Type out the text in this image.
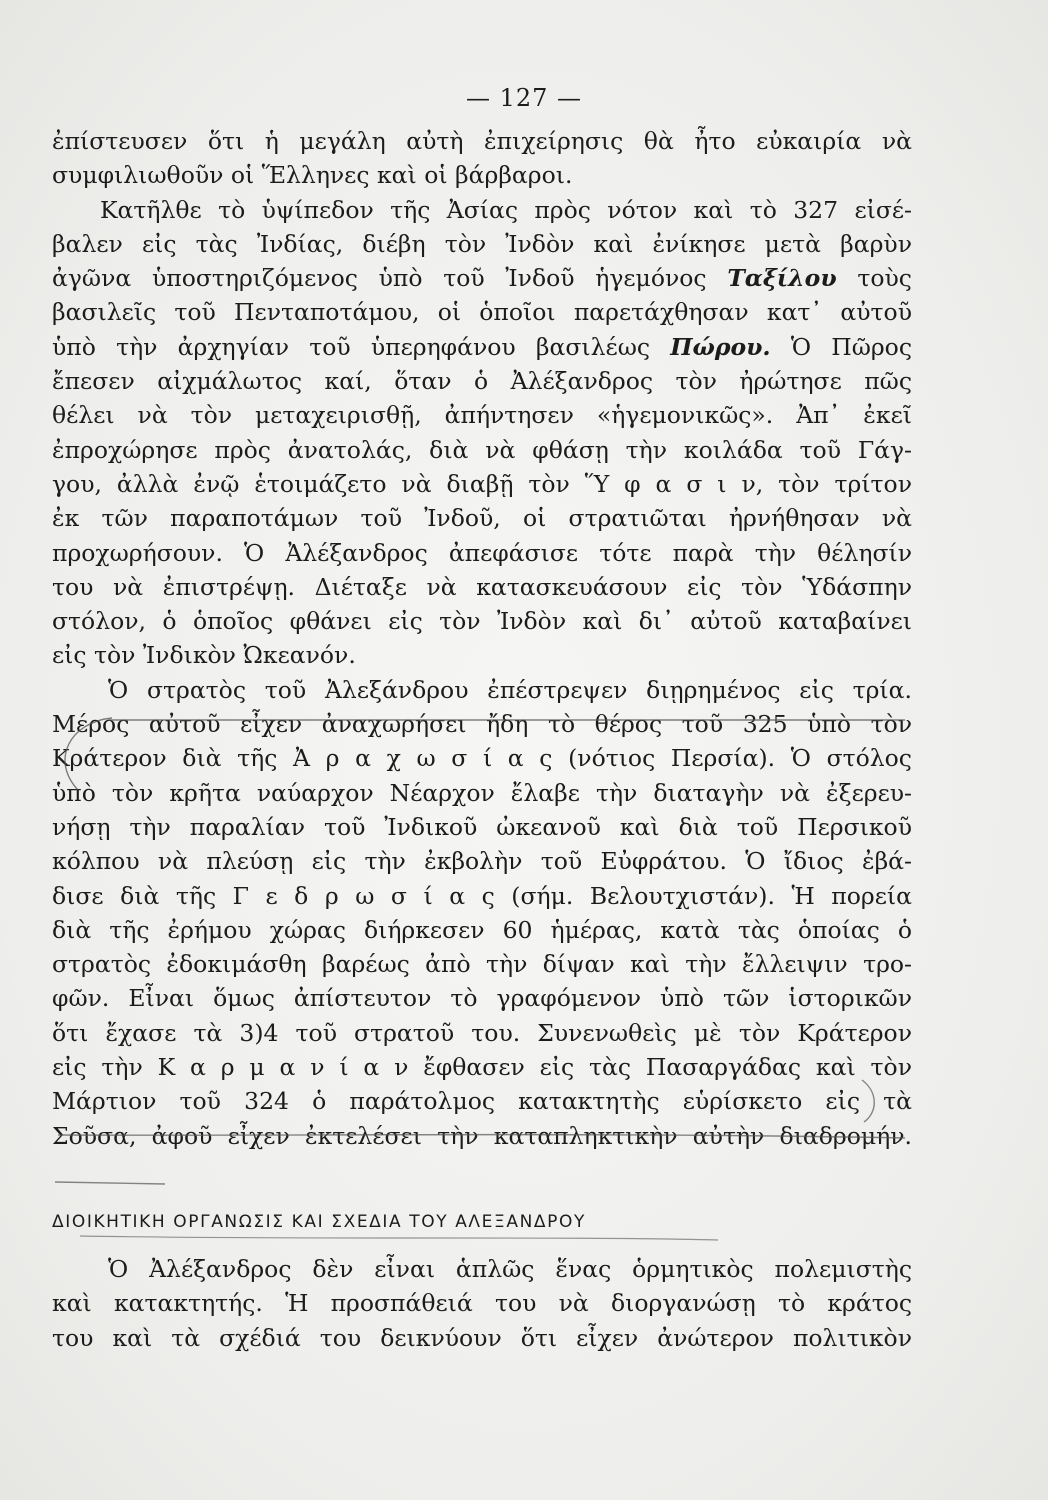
— 127 —
ἐπίστευσεν ὅτι ἡ μεγάλη αὐτὴ ἐπιχείρησις θὰ ἦτο εὐκαιρία νὰ
συμφιλιωθοῦν οἱ Ἕλληνες καὶ οἱ βάρβαροι.
Κατῆλθε τὸ ὑψίπεδον τῆς Ἀσίας πρὸς νότον καὶ τὸ 327 εἰσέ-
βαλεν εἰς τὰς Ἰνδίας, διέβη τὸν Ἰνδὸν καὶ ἐνίκησε μετὰ βαρὺν
ἀγῶνα ὑποστηριζόμενος ὑπὸ τοῦ Ἰνδοῦ ἡγεμόνος Ταξίλου τοὺς
βασιλεῖς τοῦ Πενταποτάμου, οἱ ὁποῖοι παρετάχθησαν κατ᾽ αὐτοῦ
ὑπὸ τὴν ἀρχηγίαν τοῦ ὑπερηφάνου βασιλέως Πώρου. Ὁ Πῶρος
ἔπεσεν αἰχμάλωτος καί, ὅταν ὁ Ἀλέξανδρος τὸν ἠρώτησε πῶς
θέλει νὰ τὸν μεταχειρισθῇ, ἀπήντησεν «ἡγεμονικῶς». Ἀπ᾽ ἐκεῖ
ἐπροχώρησε πρὸς ἀνατολάς, διὰ νὰ φθάσῃ τὴν κοιλάδα τοῦ Γάγ-
γου, ἀλλὰ ἐνῷ ἑτοιμάζετο νὰ διαβῇ τὸν Ὕ φ α σ ι ν, τὸν τρίτον
ἐκ τῶν παραποτάμων τοῦ Ἰνδοῦ, οἱ στρατιῶται ἠρνήθησαν νὰ
προχωρήσουν. Ὁ Ἀλέξανδρος ἀπεφάσισε τότε παρὰ τὴν θέλησίν
του νὰ ἐπιστρέψῃ. Διέταξε νὰ κατασκευάσουν εἰς τὸν Ὑδάσπην
στόλον, ὁ ὁποῖος φθάνει εἰς τὸν Ἰνδὸν καὶ δι᾽ αὐτοῦ καταβαίνει
εἰς τὸν Ἰνδικὸν Ὠκεανόν.
Ὁ στρατὸς τοῦ Ἀλεξάνδρου ἐπέστρεψεν διῃρημένος εἰς τρία.
Μέρος αὐτοῦ εἶχεν ἀναχωρήσει ἤδη τὸ θέρος τοῦ 325 ὑπὸ τὸν
Κράτερον διὰ τῆς Ἀ ρ α χ ω σ ί α ς (νότιος Περσία). Ὁ στόλος
ὑπὸ τὸν κρῆτα ναύαρχον Νέαρχον ἔλαβε τὴν διαταγὴν νὰ ἐξερευ-
νήσῃ τὴν παραλίαν τοῦ Ἰνδικοῦ ὠκεανοῦ καὶ διὰ τοῦ Περσικοῦ
κόλπου νὰ πλεύσῃ εἰς τὴν ἐκβολὴν τοῦ Εὐφράτου. Ὁ ἴδιος ἐβά-
δισε διὰ τῆς Γ ε δ ρ ω σ ί α ς (σήμ. Βελουτχιστάν). Ἡ πορεία
διὰ τῆς ἐρήμου χώρας διήρκεσεν 60 ἡμέρας, κατὰ τὰς ὁποίας ὁ
στρατὸς ἐδοκιμάσθη βαρέως ἀπὸ τὴν δίψαν καὶ τὴν ἔλλειψιν τρο-
φῶν. Εἶναι ὅμως ἀπίστευτον τὸ γραφόμενον ὑπὸ τῶν ἱστορικῶν
ὅτι ἔχασε τὰ 3)4 τοῦ στρατοῦ του. Συνενωθεὶς μὲ τὸν Κράτερον
εἰς τὴν Κ α ρ μ α ν ί α ν ἔφθασεν εἰς τὰς Πασαργάδας καὶ τὸν
Μάρτιον τοῦ 324 ὁ παράτολμος κατακτητὴς εὑρίσκετο εἰς τὰ
Σοῦσα, ἀφοῦ εἶχεν ἐκτελέσει τὴν καταπληκτικὴν αὐτὴν διαδρομήν.
ΔΙΟΙΚΗΤΙΚΗ ΟΡΓΑΝΩΣΙΣ ΚΑΙ ΣΧΕΔΙΑ ΤΟΥ ΑΛΕΞΑΝΔΡΟΥ
Ὁ Ἀλέξανδρος δὲν εἶναι ἁπλῶς ἕνας ὁρμητικὸς πολεμιστὴς
καὶ κατακτητής. Ἡ προσπάθειά του νὰ διοργανώσῃ τὸ κράτος
του καὶ τὰ σχέδιά του δεικνύουν ὅτι εἶχεν ἀνώτερον πολιτικὸν
